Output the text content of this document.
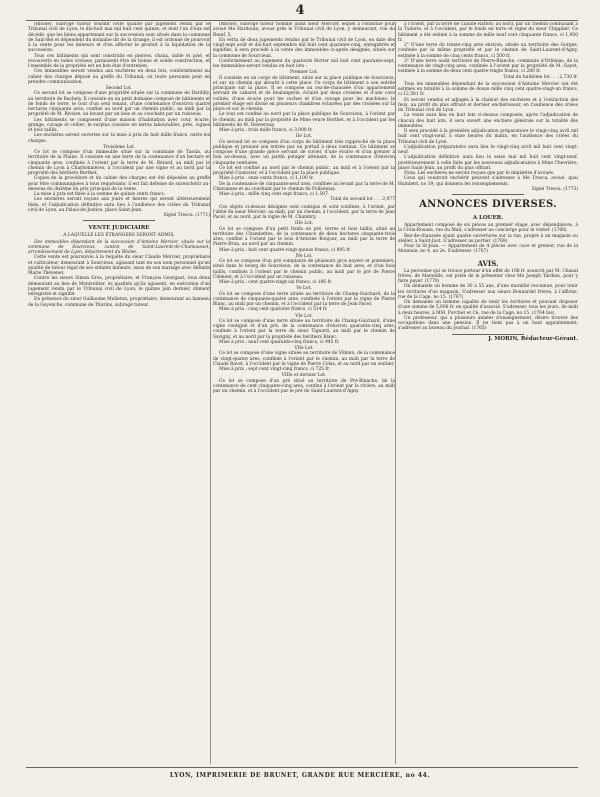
4

(Rhône), subrogé tuteur sousdit cette qualité par jugement rendu par le Tribunal civil de Lyon, le dix-huit mai mil huit cent quinze, et dont l'un d'eux est décédé; que les biens appartenant sur la succession sont situés dans la commune de Sain-Bel et dépendent du domaine dit de la Grange; il est ordonné de pourvoir à la vente pour les mineurs et d'en affecter le produit à la liquidation de la succession.

Tous ces bâtiments qui sont construits en pierres, chaux, sable et pisé, et recouverts en tuiles creuses, paraissent être de bonne et solide construction, et l'ensemble de la propriété est en bon état d'entretien.

Ces immeubles seront vendus aux enchères en deux lots, conformément au cahier des charges déposé au greffe du Tribunal, où toute personne peut en prendre communication.

Second Lot.

Ce second lot se compose d'une propriété située sur la commune de Dardilly, au territoire de Bachely. Il consiste en un petit domaine composé de bâtiments et de fonds de terre, le tout d'un seul tenant, d'une contenance d'environ quatre hectares cinquante ares, confiné au nord par un chemin public, au midi par la propriété de M. Rivoire, au levant par un bois et au couchant par un ruisseau.

Les bâtiments se composent d'une maison d'habitation avec cour, écurie, grange, cuvage et cellier; le surplus consiste en terres labourables, prés, vignes et bois taillis.

Les enchères seront ouvertes sur la mise à prix de huit mille francs, outre les charges.

Troisième Lot.

Ce lot se compose d'un immeuble situé sur la commune de Tassin, au territoire de la Plaine. Il consiste en une terre de la contenance d'un hectare et cinquante ares, confinée à l'orient par la terre de M. Bérard, au midi par le chemin de Lyon à Charbonnières, à l'occident par une vigne et au nord par la propriété des héritiers Berthet.

Copies de la procédure et du cahier des charges ont été déposées au greffe pour être communiquées à tous requérants; il est fait défense de surenchérir au-dessous du dixième du prix principal de la vente.

La mise à prix est fixée à la somme de quinze cents francs.

Les enchères seront reçues aux jours et heures qui seront ultérieurement fixés, et l'adjudication définitive aura lieu à l'audience des criées du Tribunal civil de Lyon, au Palais-de-Justice, place Saint-Jean.

Signé Tresca. (1771)

VENTE JUDICIAIRE

A LAQUELLE LES ÉTRANGERS SERONT ADMIS,

Des immeubles dépendant de la succession d'Antoine Mercier, situés sur la commune de Sourcieux, canton de Saint-Laurent-de-Chamousset, arrondissement de Lyon, département du Rhône.

Cette vente est poursuivie à la requête du sieur Claude Mercier, propriétaire et cultivateur, demeurant à Sourcieux, agissant tant en son nom personnel qu'en qualité de tuteur légal de ses enfants mineurs, issus de son mariage avec défunte Marie Thévenet.

Contre les sieurs Simon Gros, propriétaire, et François Gourgaut, tous deux demeurant au lieu de Montrottier, ès qualités qu'ils agissent, en exécution d'un jugement rendu par le Tribunal civil de Lyon, le quinze juin dernier, dûment enregistré et signifié.

En présence du sieur Guillaume Mulleton, propriétaire, demeurant au hameau de la Goyenche, commune de Thurins, subrogé tuteur.

(Rhône), subrogé tuteur nommé audit sieur Mercier, lequel a constitué pour avoué Me Hardouin, avoué près le Tribunal civil de Lyon, y demeurant, rue du Bœuf, 5.

En vertu de deux jugements rendus par le Tribunal civil de Lyon, en date des vingt-sept août et dix-huit septembre mil huit cent quarante-cinq, enregistrés et signifiés, il sera procédé à la vente des immeubles ci-après désignés, situés sur la commune de Sourcieux.

Conformément au jugement du quatorze février mil huit cent quarante-sept, les immeubles seront vendus en huit lots :

Premier Lot.

Il consiste en un corps de bâtiment, situé sur la place publique de Sourcieux, et sur un chemin qui aboutit à cette place. Ce corps de bâtiment a son entrée principale sur la place. Il se compose au rez-de-chaussée d'un appartement servant de cabaret et de boulangerie, éclairé par deux croisées et d'une cave voûtée, d'une écurie pour les vaches et d'un cuvage pour les machines; le premier étage est divisé en plusieurs chambres éclairées par des croisées sur la place et sur le chemin.

Le tout est confiné au nord par la place publique de Sourcieux, à l'orient par le chemin, au midi par la propriété de Mme veuve Berthet, et à l'occident par les bâtiments de M. Desvernay.

Mise à prix : trois mille francs, ci 3,000 fr.

IIe Lot.

Ce second lot se compose d'un corps de bâtiment très rapproché de la place publique et prenant son entrée par un portail à deux vantaux. Ce bâtiment se compose d'une grande pièce servant de cuvier, d'une écurie et d'un grenier à foin au-dessus, avec un jardin potager attenant, de la contenance d'environ cinquante centiares.

Ce lot est confiné au nord par le chemin public, au midi et à l'orient par la propriété Couturier, et à l'occident par la place publique.

Mise à prix : onze cents francs, ci 1,100 fr.

De la contenance de cinquante-neuf ares, confinée au levant par la terre de M. Chavannes et au couchant par le chemin de Pollionnay.

Mise à prix : mille cinq cent sept francs, ci 1,507

Total du second lot . . . 2,977

Ces objets ci-dessus désignés sont contigus et sont confinés, à l'orient, par l'abbé du sieur Mercier; au midi, par un chemin; à l'occident, par la terre de Jean Pacel, et au nord, par la vigne de M. Chambry.

IIIe Lot.

Ce lot se compose d'un petit fonds en pré, terres et bois taillis, situé au territoire des Chambettes, de la contenance de deux hectares cinquante-trois ares, confiné à l'orient par le bois d'Antoine Bonjour, au midi par la terre de Pierre Brun, au nord par un chemin.

Mise à prix : huit cent quatre-vingt-quinze francs, ci 895 fr.

IVe Lot.

Ce lot se compose d'un pré complanté de plusieurs gros noyers et pommiers, situé dans le bourg de Sourcieux, de la contenance de huit ares, et d'un bois taillis, confinés à l'orient par le chemin public, au midi par le pré de Pierre Clément, et à l'occident par un ruisseau.

Mise à prix : cent quatre-vingt-six francs, ci 186 fr.

Ve Lot.

Ce lot se compose d'une terre située au territoire de Champ-Guichard, de la contenance de cinquante-quatre ares, confinée à l'orient par la vigne de Pierre Blanc, au midi par un chemin, et à l'occident par la terre de Jean Pacel.

Mise à prix : cinq cent quatorze francs, ci 514 fr.

VIe Lot.

Ce lot se compose d'une terre située au territoire de Champ-Guichard, d'une vigne contiguë et d'un pré, de la contenance d'environ quarante-cinq ares, confinés à l'orient par la terre du sieur Tignard, au midi par le chemin de Savigny, et au nord par la propriété des héritiers Blanc.

Mise à prix : neuf cent quarante-cinq francs, ci 945 fr.

VIIe Lot.

Ce lot se compose d'une vigne située au territoire de Vilmon, de la contenance de vingt-quatre ares, confinée à l'orient par le chemin, au midi par la terre de Claude Ravet, à l'occident par la vigne de Pierre Colas, et au nord par un sentier.

Mise à prix : sept cent vingt-cinq francs, ci 725 fr.

VIIIe et dernier Lot.

Ce lot se compose d'un pré situé au territoire de Pré-Blanche, de la contenance de cent cinquante-cinq ares, confiné à l'orient par la rivière, au midi par un chemin, et à l'occident par le pré de Saint-Laurent-d'Agny.

à l'orient, par la terre de Claude Ratton; au nord, par un chemin conduisant à la Tuilerie, et à l'occident, par le fonds en terre et vigne du sieur Chipplier. Ce bâtiment a été estimé à la somme de mille neuf cent cinquante francs, ci 1,950 fr.

2° D'une terre de trente-cinq ares environ, située au territoire des Gorges, confinée par la même propriété et par le chemin de Saint-Laurent-d'Agny, estimée à la somme de cinq cents francs, ci 500 fr.

3° D'une terre audit territoire de Pierre-Blanche, commune d'Orliénas, de la contenance de vingt-cinq ares, confinée à l'orient par la propriété de M. Gayet, estimée à la somme de deux cent quatre-vingts francs, ci 280 fr.

Total du huitième lot . . . 2,730 fr.

Tous les immeubles dépendant de la succession d'Antoine Mercier ont été estimés en totalité à la somme de douze mille cinq cent quatre-vingt-un francs, ci 12,581 fr.

Et seront vendus et adjugés à la chaleur des enchères et à l'extinction des feux, au profit du plus offrant et dernier enchérisseur, en l'audience des criées du Tribunal civil de Lyon.

La vente aura lieu en huit lots ci-dessus composés; après l'adjudication de chacun des huit lots, il sera ouvert une enchère générale sur la totalité des immeubles.

Il sera procédé à la première adjudication préparatoire le vingt-cinq avril mil huit cent vingt-neuf, à onze heures du matin, en l'audience des criées du Tribunal civil de Lyon.

L'adjudication préparatoire aura lieu le vingt-cinq avril mil huit cent vingt-neuf.

L'adjudication définitive aura lieu le seize mai mil huit cent vingt-neuf, postérieurement à celle faite par les nouveaux adjudicataires à Mme Chevrière, place Saint-Jean, au profit du plus offrant.

Nota. Les enchères ne seront reçues que par le ministère d'avoués.

Ceux qui voudront enchérir peuvent s'adresser à Me Tresca, avoué, quai Humbert, no 19, qui donnera les renseignements.

Signé Tresca. (1773)

ANNONCES DIVERSES.

A LOUER.

Appartement composé de six pièces au premier étage, avec dépendances, à la Croix-Rousse, rue du Mail; s'adresser au concierge pour le visiter. (1768)

Rez-de-chaussée ayant quatre ouvertures sur la rue, propre à un magasin ou atelier, à Saint-Just. S'adresser au portier. (1769)

Pour la St-Jean. — Appartement de 4 pièces avec cave et grenier, rue de la Monnaie, no 4, au 2e. S'adresser. (1767)

AVIS.

La personne qui se trouve porteur d'un effet de 108 fr. souscrit par M. Chanal frères, de Marseille, est priée de le présenter chez Me Joseph Tardieu, pour y faire payer. (1770)

On demande un homme de 30 à 55 ans, d'une moralité reconnue, pour tenir les écritures d'un magasin. S'adresser aux sieurs Bonnardel frères, à l'affiche, rue de la Cage, no 15. (1767)

On demande un homme capable de tenir les écritures et pouvant disposer d'une somme de 5,000 fr. en qualité d'associé. S'adresser, tous les jours, de midi à deux heures, à MM. Porcher et Ce, rue de la Cage, no 15. (1764 bis)

Un professeur, qui a plusieurs années d'enseignement, désire trouver des occupations dans une pension. Il ne tient pas à un haut appointement; s'adresser au bureau du journal. (1765)

J. MORIN, Rédacteur-Gérant.

LYON, IMPRIMERIE DE BRUNET, GRANDE RUE MERCIÈRE, no 44.
